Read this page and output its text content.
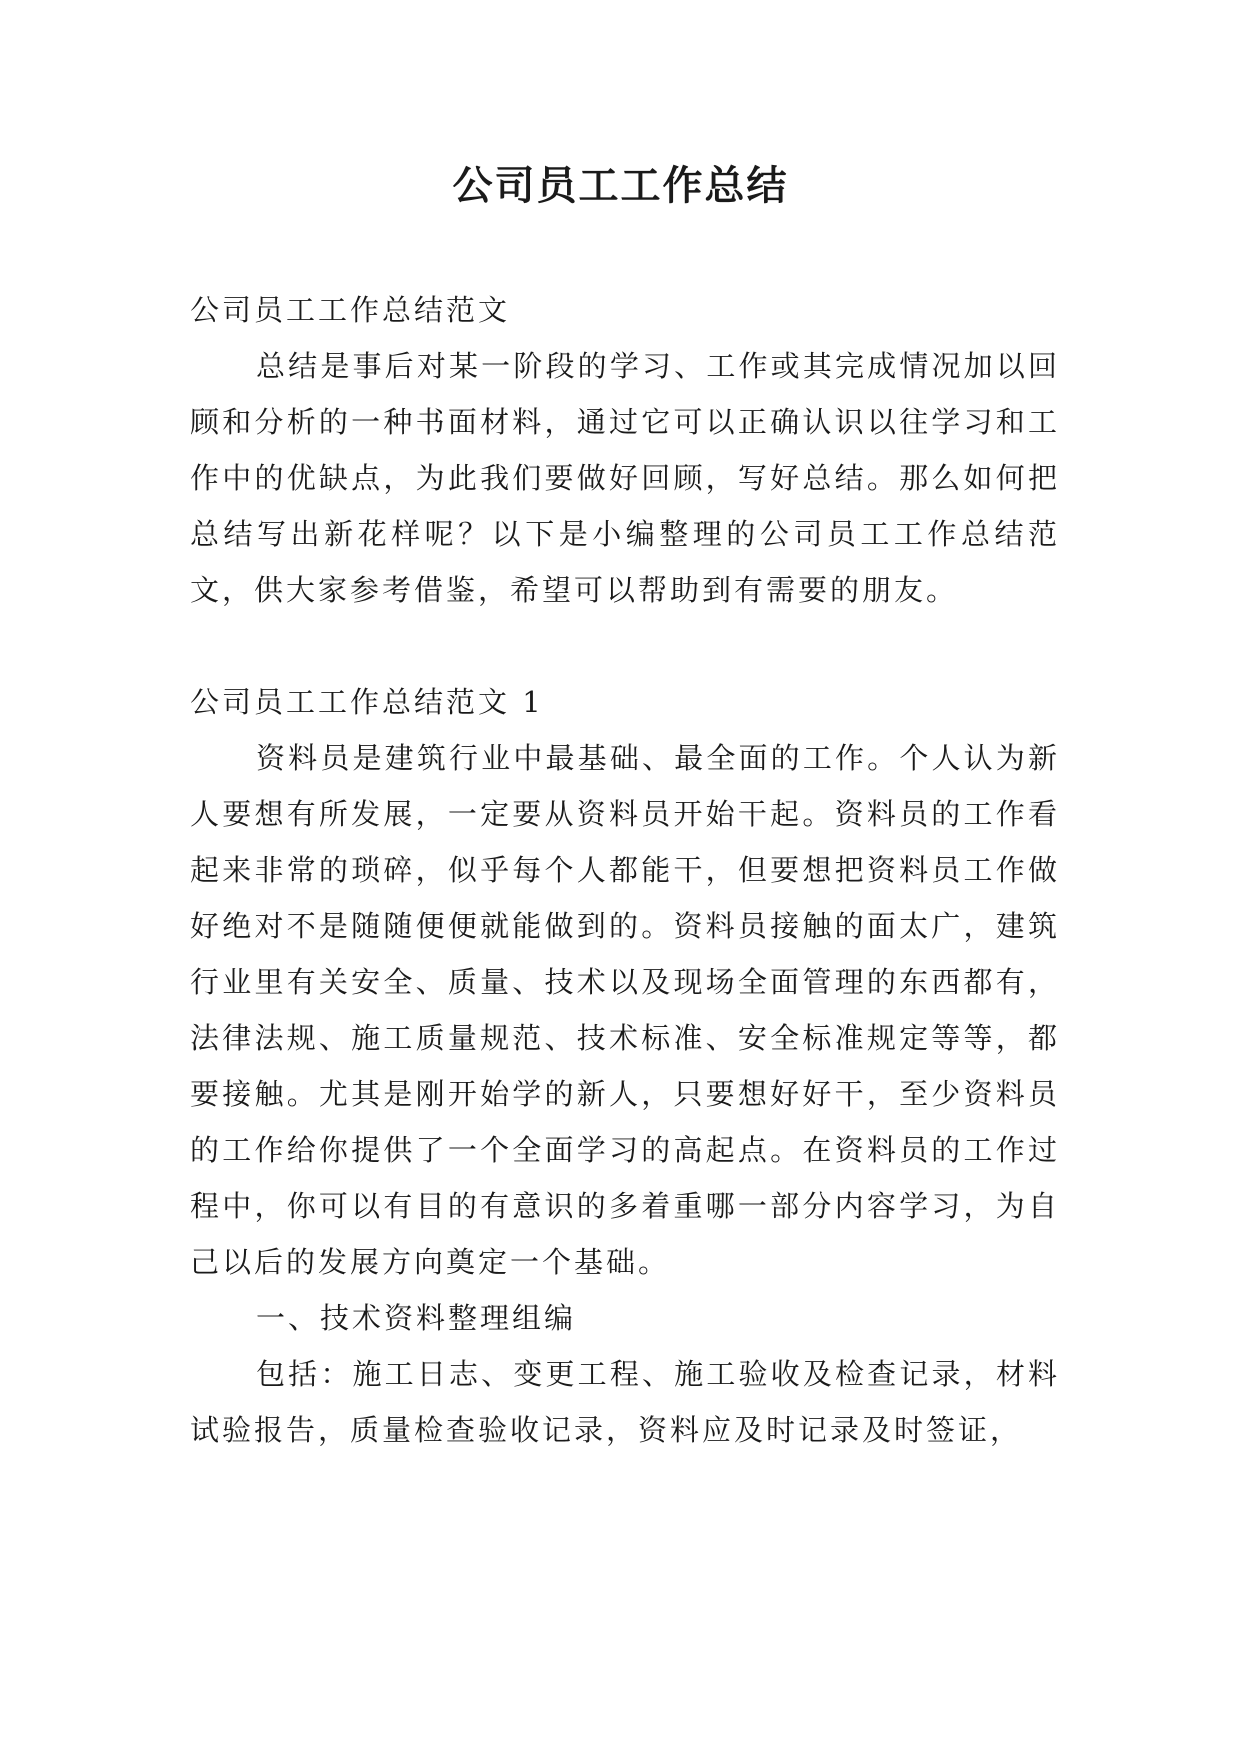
公司员工工作总结

公司员工工作总结范文

总结是事后对某一阶段的学习、工作或其完成情况加以回顾和分析的一种书面材料，通过它可以正确认识以往学习和工作中的优缺点，为此我们要做好回顾，写好总结。那么如何把总结写出新花样呢？以下是小编整理的公司员工工作总结范文，供大家参考借鉴，希望可以帮助到有需要的朋友。

公司员工工作总结范文 1

资料员是建筑行业中最基础、最全面的工作。个人认为新人要想有所发展，一定要从资料员开始干起。资料员的工作看起来非常的琐碎，似乎每个人都能干，但要想把资料员工作做好绝对不是随随便便就能做到的。资料员接触的面太广，建筑行业里有关安全、质量、技术以及现场全面管理的东西都有，法律法规、施工质量规范、技术标准、安全标准规定等等，都要接触。尤其是刚开始学的新人，只要想好好干，至少资料员的工作给你提供了一个全面学习的高起点。在资料员的工作过程中，你可以有目的有意识的多着重哪一部分内容学习，为自己以后的发展方向奠定一个基础。

一、技术资料整理组编

包括：施工日志、变更工程、施工验收及检查记录，材料试验报告，质量检查验收记录，资料应及时记录及时签证，
